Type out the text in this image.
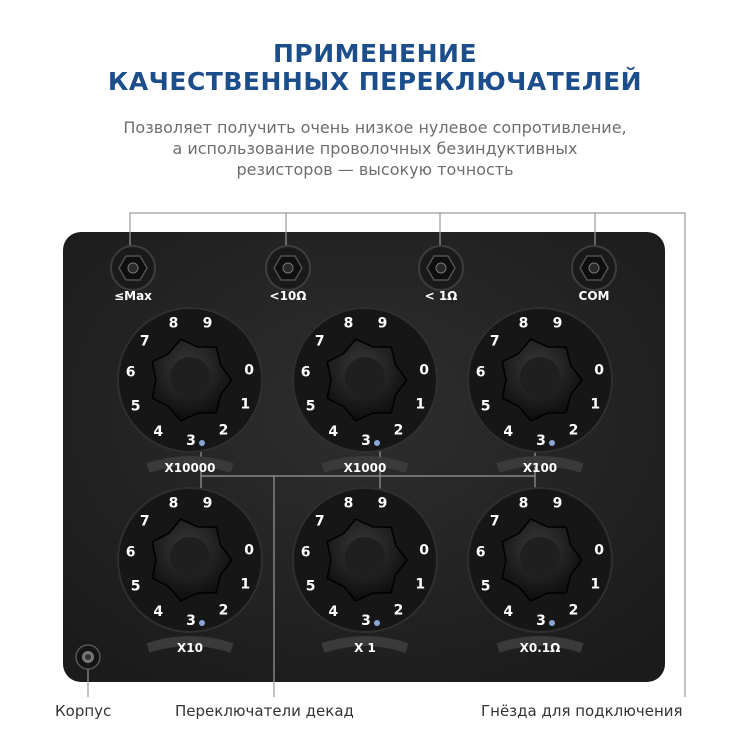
ПРИМЕНЕНИЕ
КАЧЕСТВЕННЫХ ПЕРЕКЛЮЧАТЕЛЕЙ
Позволяет получить очень низкое нулевое сопротивление,
а использование проволочных безиндуктивных
резисторов — высокую точность
≤Max	<10Ω	< 1Ω	COM
0
1
2
3
4
5
6
7
8 9
X10000
0
1
2
3
4
5
6
7
8 9
X1000
0
1
2
3
4
5
6
7
8 9
X100
0
1
2
3
4
5
6
7
8 9
X10
0
1
2
3
4
5
6
7
8 9
X 1
0
1
2
3
4
5
6
7
8 9
X0.1Ω
Корпус	Переключатели декад	Гнёзда для подключения
